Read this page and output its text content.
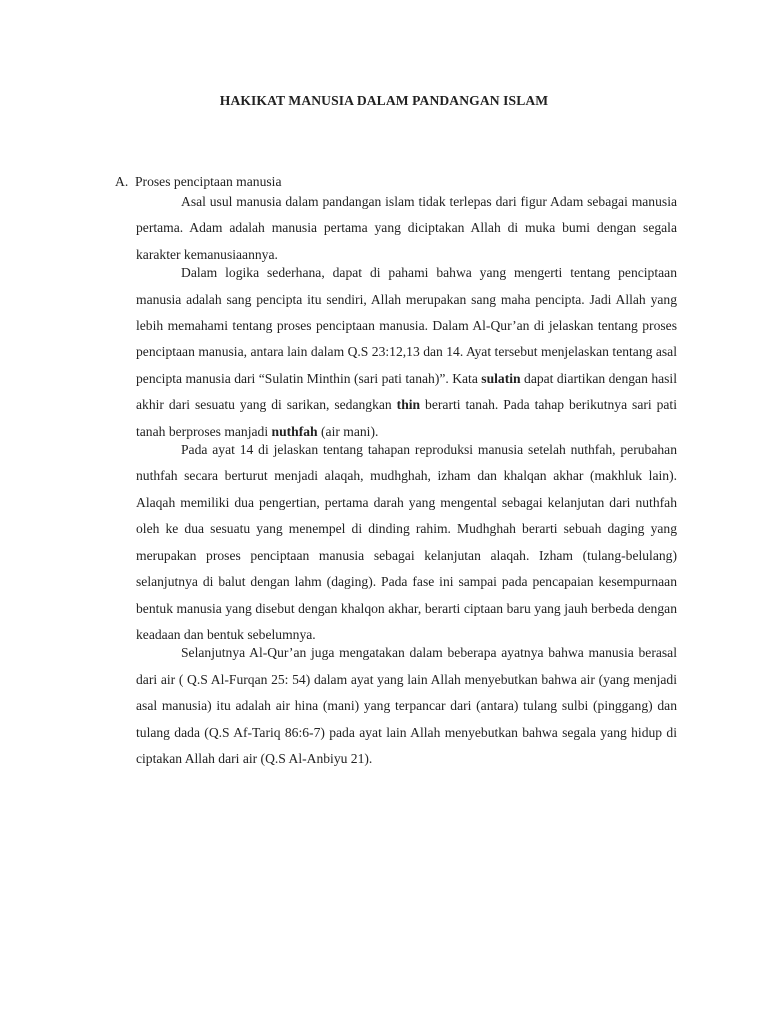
HAKIKAT MANUSIA DALAM PANDANGAN ISLAM
A. Proses penciptaan manusia

Asal usul manusia dalam pandangan islam tidak terlepas dari figur Adam sebagai manusia pertama. Adam adalah manusia pertama yang diciptakan Allah di muka bumi dengan segala karakter kemanusiaannya.

Dalam logika sederhana, dapat di pahami bahwa yang mengerti tentang penciptaan manusia adalah sang pencipta itu sendiri, Allah merupakan sang maha pencipta. Jadi Allah yang lebih memahami tentang proses penciptaan manusia. Dalam Al-Qur’an di jelaskan tentang proses penciptaan manusia, antara lain dalam Q.S 23:12,13 dan 14. Ayat tersebut menjelaskan tentang asal pencipta manusia dari “Sulatin Minthin (sari pati tanah)”. Kata sulatin dapat diartikan dengan hasil akhir dari sesuatu yang di sarikan, sedangkan thin berarti tanah. Pada tahap berikutnya sari pati tanah berproses manjadi nuthfah (air mani).

Pada ayat 14 di jelaskan tentang tahapan reproduksi manusia setelah nuthfah, perubahan nuthfah secara berturut menjadi alaqah, mudhghah, izham dan khalqan akhar (makhluk lain). Alaqah memiliki dua pengertian, pertama darah yang mengental sebagai kelanjutan dari nuthfah oleh ke dua sesuatu yang menempel di dinding rahim. Mudhghah berarti sebuah daging yang merupakan proses penciptaan manusia sebagai kelanjutan alaqah. Izham (tulang-belulang) selanjutnya di balut dengan lahm (daging). Pada fase ini sampai pada pencapaian kesempurnaan bentuk manusia yang disebut dengan khalqon akhar, berarti ciptaan baru yang jauh berbeda dengan keadaan dan bentuk sebelumnya.

Selanjutnya Al-Qur’an juga mengatakan dalam beberapa ayatnya bahwa manusia berasal dari air ( Q.S Al-Furqan 25: 54) dalam ayat yang lain Allah menyebutkan bahwa air (yang menjadi asal manusia) itu adalah air hina (mani) yang terpancar dari (antara) tulang sulbi (pinggang) dan tulang dada (Q.S Af-Tariq 86:6-7) pada ayat lain Allah menyebutkan bahwa segala yang hidup di ciptakan Allah dari air (Q.S Al-Anbiyu 21).
